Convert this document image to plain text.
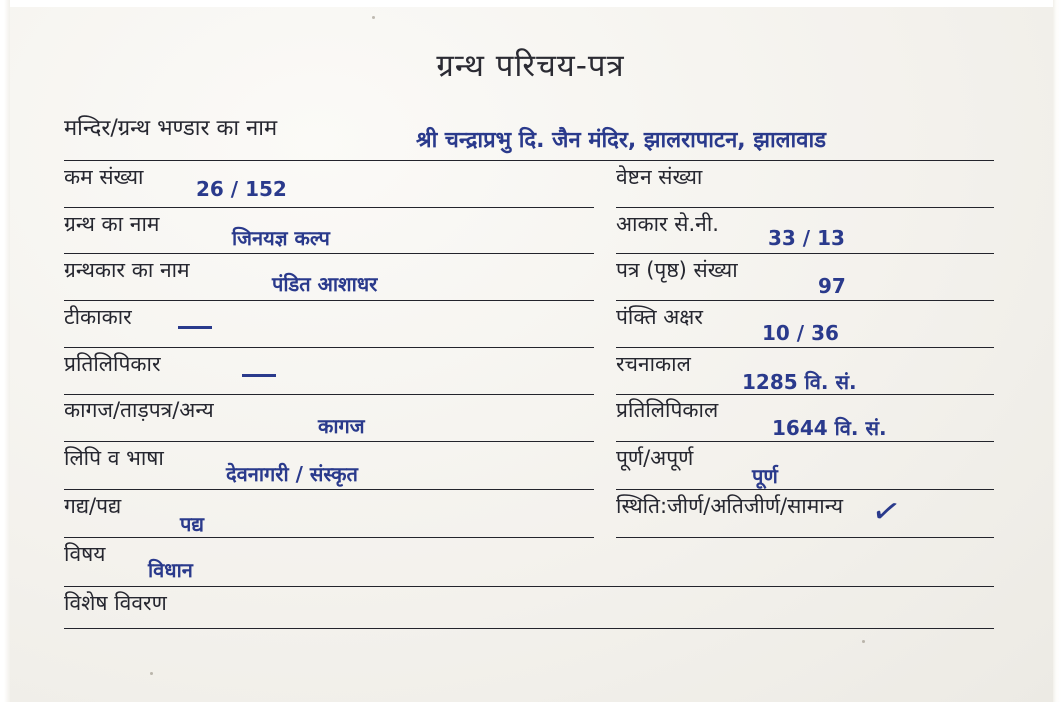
ग्रन्थ परिचय-पत्र
मन्दिर/ग्रन्थ भण्डार का नाम	श्री चन्द्राप्रभु दि. जैन मंदिर, झालरापाटन, झालावाड
कम संख्या	26 / 152
ग्रन्थ का नाम
जिनयज्ञ कल्प
ग्रन्थकार का नाम
पंडित आशाधर
टीकाकार
प्रतिलिपिकार
कागज/ताड़पत्र/अन्य
कागज
लिपि व भाषा
देवनागरी / संस्कृत
गद्य/पद्य
पद्य
विषय
विधान
विशेष विवरण
वेष्टन संख्या
आकार से.नी.
33 / 13
पत्र (पृष्ठ) संख्या
97
पंक्ति अक्षर
10 / 36
रचनाकाल
1285 वि. सं.
प्रतिलिपिकाल
1644 वि. सं.
पूर्ण/अपूर्ण
पूर्ण
स्थिति:जीर्ण/अतिजीर्ण/सामान्य ✓
